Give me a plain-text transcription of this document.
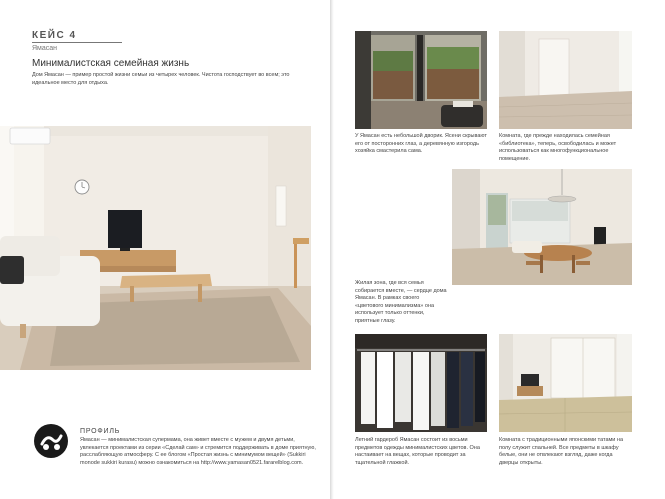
КЕЙС 4
Ямасан
Минималистская семейная жизнь
Дом Ямасан — пример простой жизни семьи из четырех человек. Чистота господствует во всем; это идеальное место для отдыха.
ПРОФИЛЬ
Ямасан — минималистская супермама, она живет вместе с мужем и двумя детьми, увлекается проектами из серии «Сделай сам» и стремится поддерживать в доме приятную, расслабляющую атмосферу. С ее блогом «Простая жизнь с минимумом вещей» (Sukkiri monode sukkiri kurasu) можно ознакомиться на http://www.yamasan0521.fararelblog.com.
У Ямасан есть небольшой дворик. Ясени скрывают его от посторонних глаз, а деревянную изгородь хозяйка смастерила сама.
Комната, где прежде находилась семейная «библиотека», теперь, освободилась и может использоваться как многофункциональное помещение.
Жилая зона, где вся семья собирается вместе, — сердце дома Ямасан. В рамках своего «цветового минимализма» она использует только оттенки, приятные глазу.
Летний гардероб Ямасан состоит из восьми предметов одежды минималистских цветов. Она настаивает на вещах, которые проводит за тщательной глажкой.
Комната с традиционными японскими татами на полу служит спальней. Все предметы в шкафу белые, они не отвлекают взгляд, даже когда дверцы открыты.
